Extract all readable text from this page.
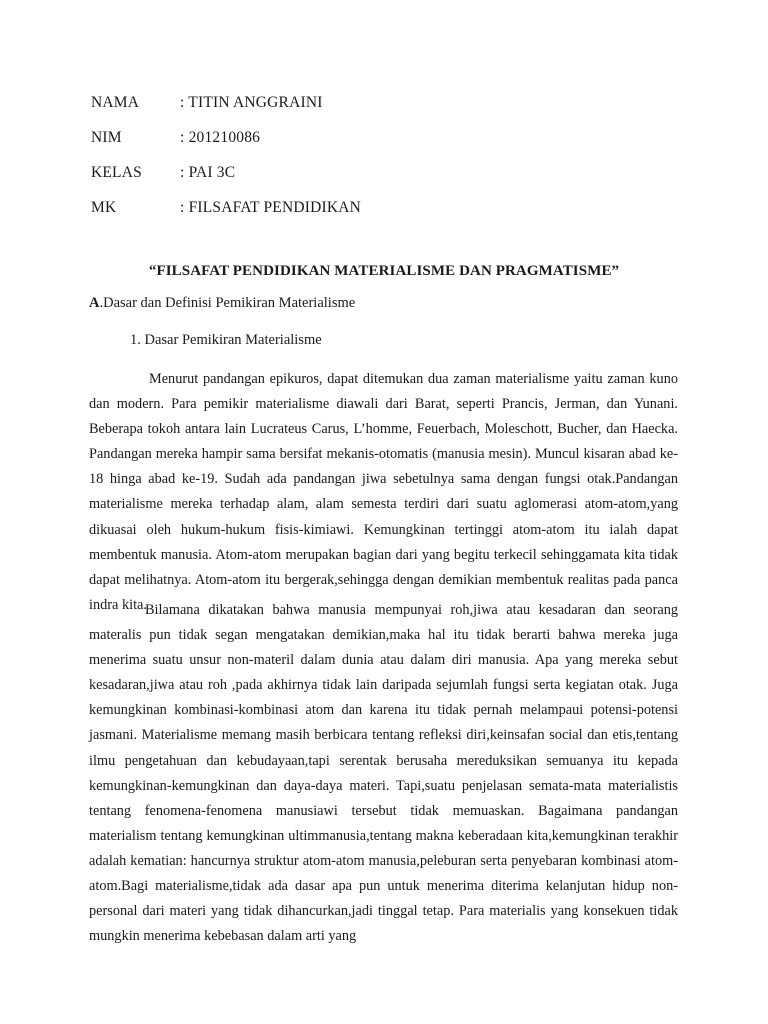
NAMA	: TITIN ANGGRAINI
NIM	: 201210086
KELAS	: PAI 3C
MK	: FILSAFAT PENDIDIKAN
“FILSAFAT PENDIDIKAN MATERIALISME DAN PRAGMATISME”
A.Dasar dan Definisi Pemikiran Materialisme
1. Dasar Pemikiran Materialisme

Menurut pandangan epikuros, dapat ditemukan dua zaman materialisme yaitu zaman kuno dan modern. Para pemikir materialisme diawali dari Barat, seperti Prancis, Jerman, dan Yunani. Beberapa tokoh antara lain Lucrateus Carus, L’homme, Feuerbach, Moleschott, Bucher, dan Haecka. Pandangan mereka hampir sama bersifat mekanis-otomatis (manusia mesin). Muncul kisaran abad ke-18 hinga abad ke-19. Sudah ada pandangan jiwa sebetulnya sama dengan fungsi otak.Pandangan materialisme mereka terhadap alam, alam semesta terdiri dari suatu aglomerasi atom-atom,yang dikuasai oleh hukum-hukum fisis-kimiawi. Kemungkinan tertinggi atom-atom itu ialah dapat membentuk manusia. Atom-atom merupakan bagian dari yang begitu terkecil sehinggamata kita tidak dapat melihatnya. Atom-atom itu bergerak,sehingga dengan demikian membentuk realitas pada panca indra kita.

Bilamana dikatakan bahwa manusia mempunyai roh,jiwa atau kesadaran dan seorang materalis pun tidak segan mengatakan demikian,maka hal itu tidak berarti bahwa mereka juga menerima suatu unsur non-materil dalam dunia atau dalam diri manusia. Apa yang mereka sebut kesadaran,jiwa atau roh ,pada akhirnya tidak lain daripada sejumlah fungsi serta kegiatan otak. Juga kemungkinan kombinasi-kombinasi atom dan karena itu tidak pernah melampaui potensi-potensi jasmani. Materialisme memang masih berbicara tentang refleksi diri,keinsafan social dan etis,tentang ilmu pengetahuan dan kebudayaan,tapi serentak berusaha mereduksikan semuanya itu kepada kemungkinan-kemungkinan dan daya-daya materi. Tapi,suatu penjelasan semata-mata materialistis tentang fenomena-fenomena manusiawi tersebut tidak memuaskan. Bagaimana pandangan materialism tentang kemungkinan ultimmanusia,tentang makna keberadaan kita,kemungkinan terakhir adalah kematian: hancurnya struktur atom-atom manusia,peleburan serta penyebaran kombinasi atom-atom.Bagi materialisme,tidak ada dasar apa pun untuk menerima diterima kelanjutan hidup non-personal dari materi yang tidak dihancurkan,jadi tinggal tetap. Para materialis yang konsekuen tidak mungkin menerima kebebasan dalam arti yang
